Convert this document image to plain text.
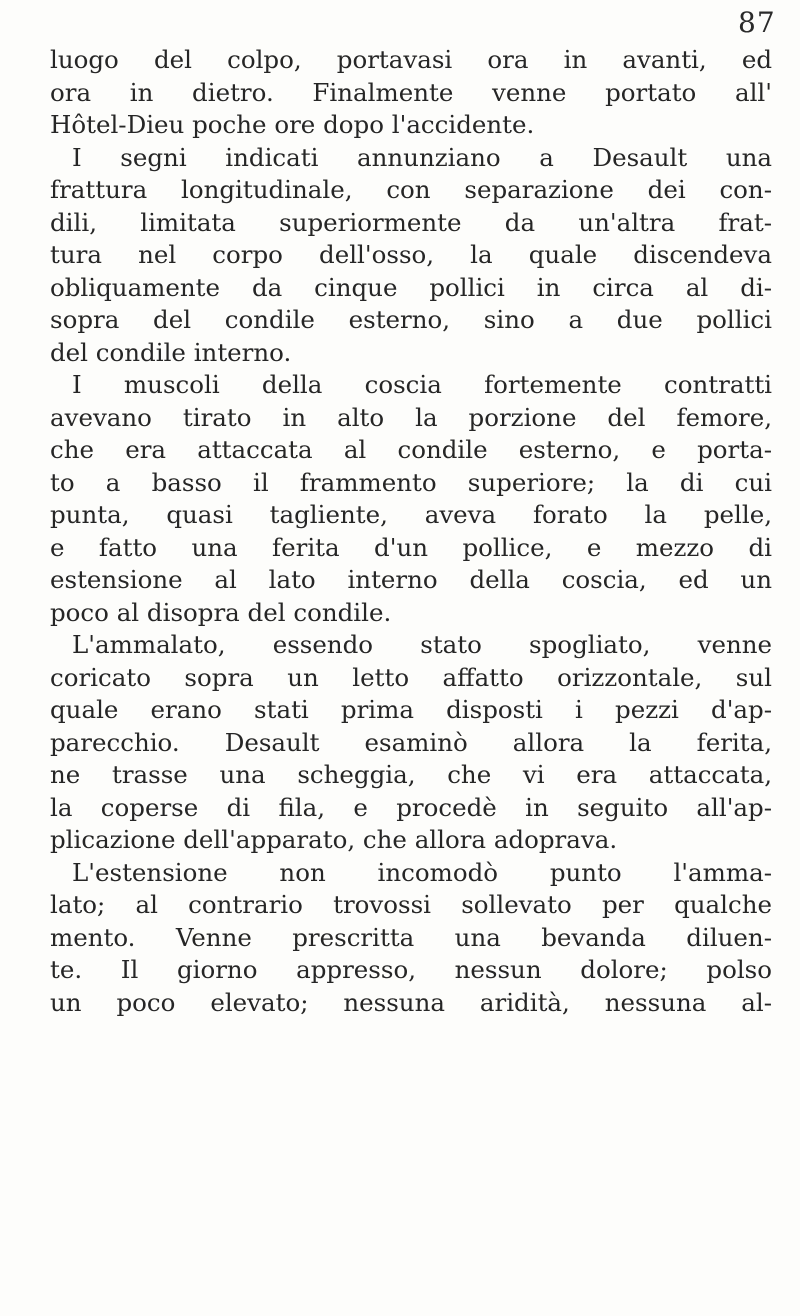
87
luogo del colpo, portavasi ora in avanti, ed
ora in dietro. Finalmente venne portato all'
Hôtel-Dieu poche ore dopo l'accidente.
I segni indicati annunziano a Desault una
frattura longitudinale, con separazione dei con-
dili, limitata superiormente da un'altra frat-
tura nel corpo dell'osso, la quale discendeva
obliquamente da cinque pollici in circa al di-
sopra del condile esterno, sino a due pollici
del condile interno.
I muscoli della coscia fortemente contratti
avevano tirato in alto la porzione del femore,
che era attaccata al condile esterno, e porta-
to a basso il frammento superiore; la di cui
punta, quasi tagliente, aveva forato la pelle,
e fatto una ferita d'un pollice, e mezzo di
estensione al lato interno della coscia, ed un
poco al disopra del condile.
L'ammalato, essendo stato spogliato, venne
coricato sopra un letto affatto orizzontale, sul
quale erano stati prima disposti i pezzi d'ap-
parecchio. Desault esaminò allora la ferita,
ne trasse una scheggia, che vi era attaccata,
la coperse di fila, e procedè in seguito all'ap-
plicazione dell'apparato, che allora adoprava.
L'estensione non incomodò punto l'amma-
lato; al contrario trovossi sollevato per qualche
mento. Venne prescritta una bevanda diluen-
te. Il giorno appresso, nessun dolore; polso
un poco elevato; nessuna aridità, nessuna al-
